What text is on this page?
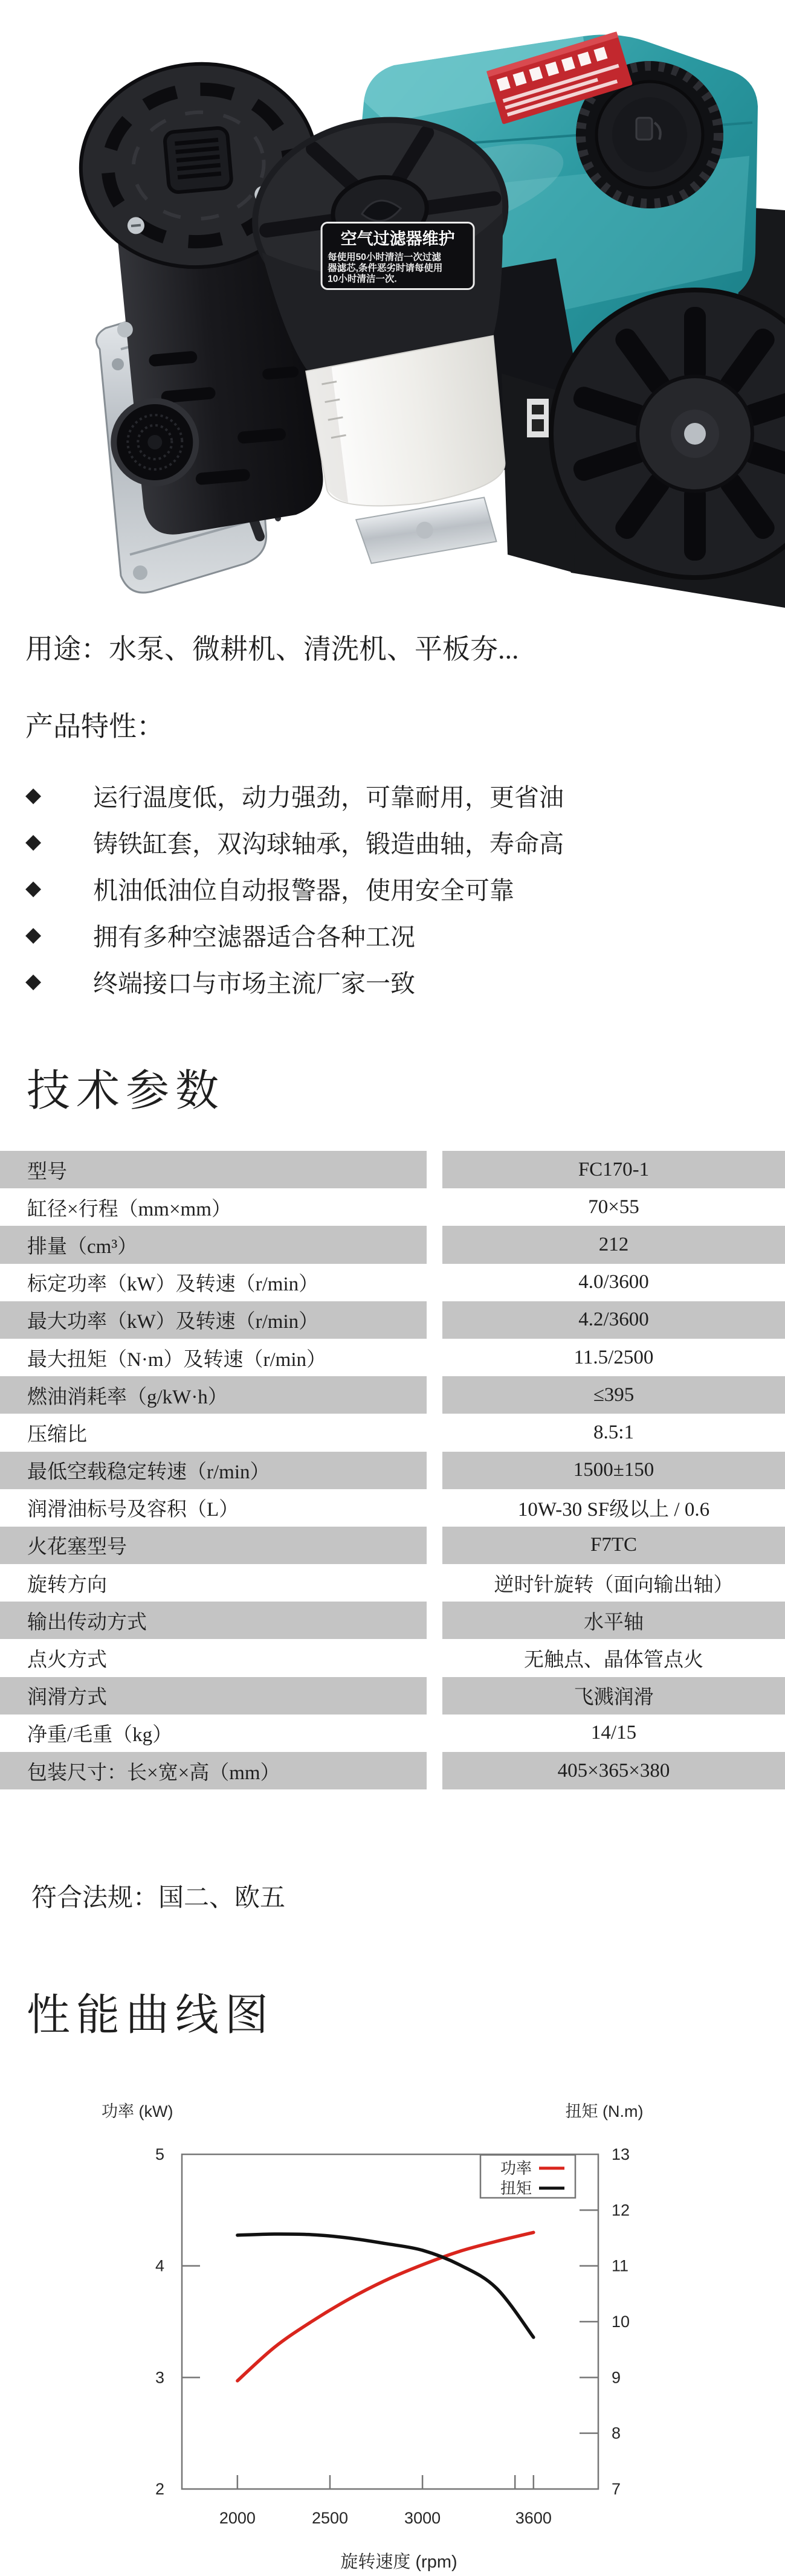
空气过滤器维护
每使用50小时清洁一次过滤
器滤芯,条件恶劣时请每使用
10小时清洁一次.
用途：水泵、微耕机、清洗机、平板夯...
产品特性：
◆	运行温度低，动力强劲，可靠耐用，更省油
◆	铸铁缸套，双沟球轴承，锻造曲轴，寿命高
◆	机油低油位自动报警器，使用安全可靠
◆	拥有多种空滤器适合各种工况
◆	终端接口与市场主流厂家一致
技术参数
型号	FC170-1
缸径×行程（mm×mm）	70×55
排量（cm³）	212
标定功率（kW）及转速（r/min）	4.0/3600
最大功率（kW）及转速（r/min）	4.2/3600
最大扭矩（N·m）及转速（r/min）	11.5/2500
燃油消耗率（g/kW·h）	≤395
压缩比	8.5:1
最低空载稳定转速（r/min）	1500±150
润滑油标号及容积（L）	10W-30 SF级以上 / 0.6
火花塞型号	F7TC
旋转方向	逆时针旋转（面向输出轴）
输出传动方式	水平轴
点火方式	无触点、晶体管点火
润滑方式	飞溅润滑
净重/毛重（kg）	14/15
包装尺寸：长×宽×高（mm）	405×365×380
符合法规：国二、欧五
性能曲线图
功率 (kW)	扭矩 (N.m)
2
3
4
5
7
8
9
10
11
12
13
2000	2500	3000	3600
功率
扭矩
旋转速度 (rpm)
